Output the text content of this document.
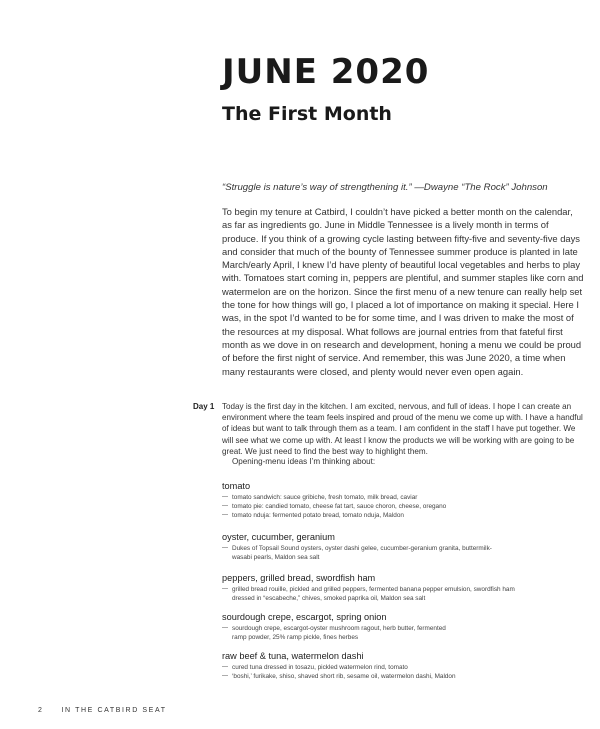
JUNE 2020
The First Month
“Struggle is nature’s way of strengthening it.” —Dwayne “The Rock” Johnson

To begin my tenure at Catbird, I couldn’t have picked a better month on the calendar, as far as ingredients go. June in Middle Tennessee is a lively month in terms of produce. If you think of a growing cycle lasting between fifty-five and seventy-five days and consider that much of the bounty of Tennessee summer produce is planted in late March/early April, I knew I’d have plenty of beautiful local vegetables and herbs to play with. Tomatoes start coming in, peppers are plentiful, and summer staples like corn and watermelon are on the horizon. Since the first menu of a new tenure can really help set the tone for how things will go, I placed a lot of importance on making it special. Here I was, in the spot I’d wanted to be for some time, and I was driven to make the most of the resources at my disposal. What follows are journal entries from that fateful first month as we dove in on research and development, honing a menu we could be proud of before the first night of service. And remember, this was June 2020, a time when many restaurants were closed, and plenty would never even open again.

Day 1 Today is the first day in the kitchen. I am excited, nervous, and full of ideas. I hope I can create an environment where the team feels inspired and proud of the menu we come up with. I have a handful of ideas but want to talk through them as a team. I am confident in the staff I have put together. We will see what we come up with. At least I know the products we will be working with are going to be great. We just need to find the best way to highlight them.

Opening-menu ideas I’m thinking about:
tomato
— tomato sandwich: sauce gribiche, fresh tomato, milk bread, caviar
— tomato pie: candied tomato, cheese fat tart, sauce choron, cheese, oregano
— tomato nduja: fermented potato bread, tomato nduja, Maldon
oyster, cucumber, geranium
— Dukes of Topsail Sound oysters, oyster dashi gelee, cucumber-geranium granita, buttermilk-wasabi pearls, Maldon sea salt
peppers, grilled bread, swordfish ham
— grilled bread rouille, pickled and grilled peppers, fermented banana pepper emulsion, swordfish ham dressed in “escabeche,” chives, smoked paprika oil, Maldon sea salt
sourdough crepe, escargot, spring onion
— sourdough crepe, escargot-oyster mushroom ragout, herb butter, fermented ramp powder, 25% ramp pickle, fines herbes
raw beef & tuna, watermelon dashi
— cured tuna dressed in tosazu, pickled watermelon rind, tomato
— ‘boshi,’ furikake, shiso, shaved short rib, sesame oil, watermelon dashi, Maldon
2	IN THE CATBIRD SEAT
